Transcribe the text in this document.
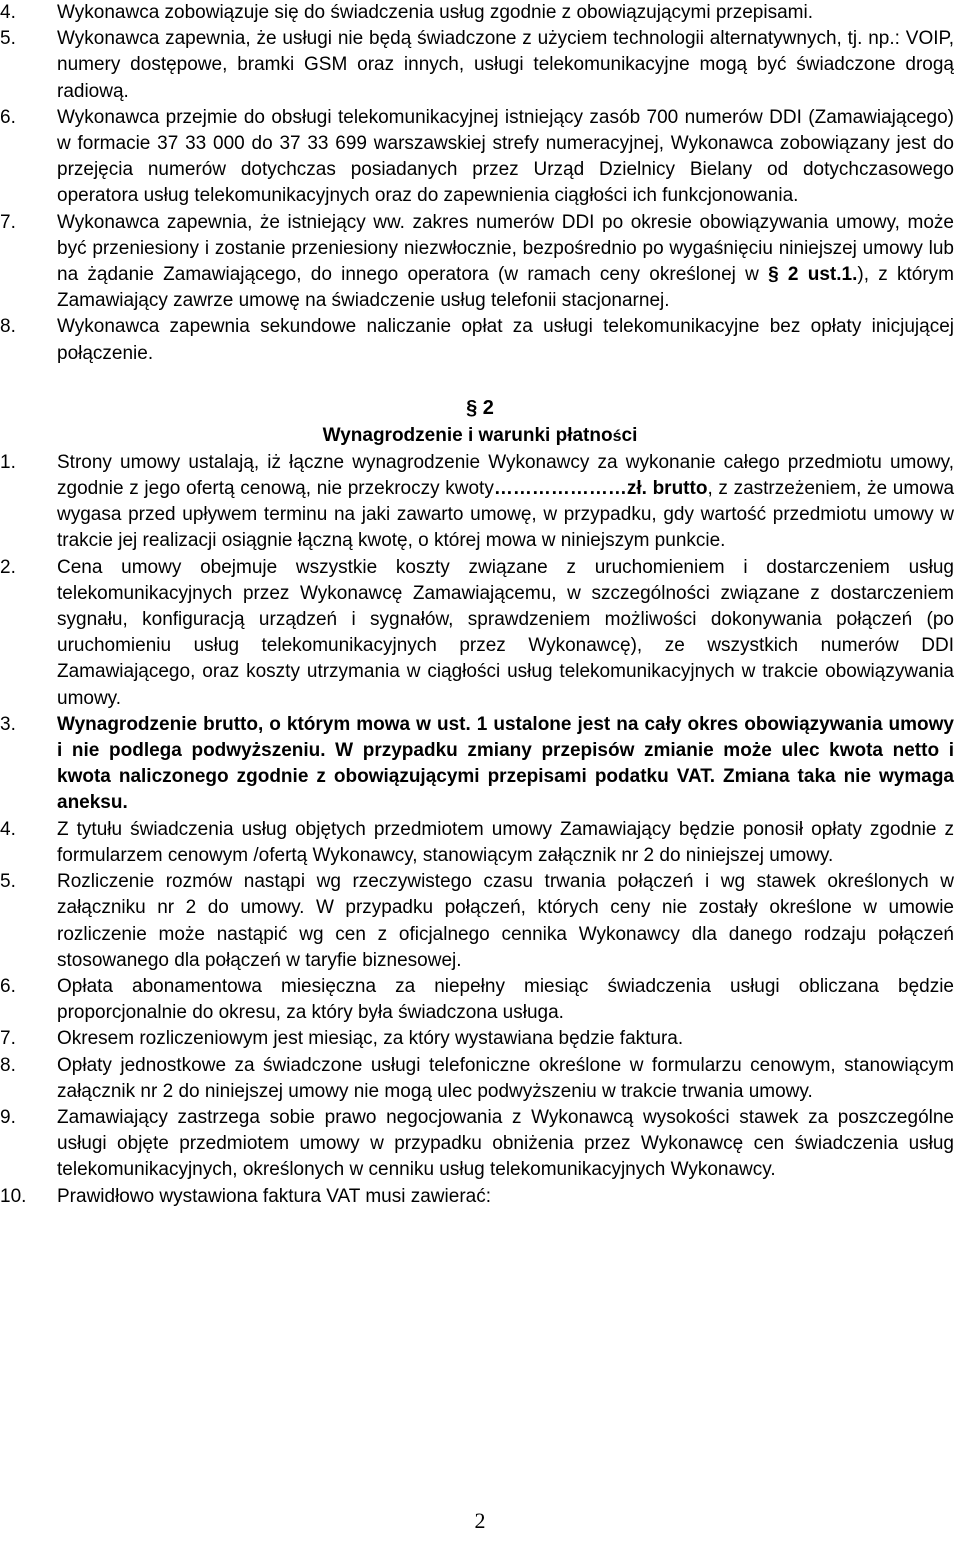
4.	Wykonawca zobowiązuje się do świadczenia usług zgodnie z obowiązującymi przepisami.
5.	Wykonawca zapewnia, że usługi nie będą świadczone z użyciem technologii alternatywnych, tj. np.: VOIP, numery dostępowe, bramki GSM oraz innych, usługi telekomunikacyjne mogą być świadczone drogą radiową.
6.	Wykonawca przejmie do obsługi telekomunikacyjnej istniejący zasób 700 numerów DDI (Zamawiającego) w formacie 37 33 000 do 37 33 699 warszawskiej strefy numeracyjnej, Wykonawca zobowiązany jest do przejęcia numerów dotychczas posiadanych przez Urząd Dzielnicy Bielany od dotychczasowego operatora usług telekomunikacyjnych oraz do zapewnienia ciągłości ich funkcjonowania.
7.	Wykonawca zapewnia, że istniejący ww. zakres numerów DDI po okresie obowiązywania umowy, może być przeniesiony i zostanie przeniesiony niezwłocznie, bezpośrednio po wygaśnięciu niniejszej umowy lub na żądanie Zamawiającego, do innego operatora (w ramach ceny określonej w § 2 ust.1.), z którym Zamawiający zawrze umowę na świadczenie usług telefonii stacjonarnej.
8.	Wykonawca zapewnia sekundowe naliczanie opłat za usługi telekomunikacyjne bez opłaty inicjującej połączenie.
§ 2
Wynagrodzenie i warunki płatności
1.	Strony umowy ustalają, iż łączne wynagrodzenie Wykonawcy za wykonanie całego przedmiotu umowy, zgodnie z jego ofertą cenową, nie przekroczy kwoty…………………zł. brutto, z zastrzeżeniem, że umowa wygasa przed upływem terminu na jaki zawarto umowę, w przypadku, gdy wartość przedmiotu umowy w trakcie jej realizacji osiągnie łączną kwotę, o której mowa w niniejszym punkcie.
2.	Cena umowy obejmuje wszystkie koszty związane z uruchomieniem i dostarczeniem usług telekomunikacyjnych przez Wykonawcę Zamawiającemu, w szczególności związane z dostarczeniem sygnału, konfiguracją urządzeń i sygnałów, sprawdzeniem możliwości dokonywania połączeń (po uruchomieniu usług telekomunikacyjnych przez Wykonawcę), ze wszystkich numerów DDI Zamawiającego, oraz koszty utrzymania w ciągłości usług telekomunikacyjnych w trakcie obowiązywania umowy.
3.	Wynagrodzenie brutto, o którym mowa w ust. 1 ustalone jest na cały okres obowiązywania umowy i nie podlega podwyższeniu. W przypadku zmiany przepisów zmianie może ulec kwota netto i kwota naliczonego zgodnie z obowiązującymi przepisami podatku VAT. Zmiana taka nie wymaga aneksu.
4.	Z tytułu świadczenia usług objętych przedmiotem umowy Zamawiający będzie ponosił opłaty zgodnie z formularzem cenowym /ofertą Wykonawcy, stanowiącym załącznik nr 2 do niniejszej umowy.
5.	Rozliczenie rozmów nastąpi wg rzeczywistego czasu trwania połączeń i wg stawek określonych w załączniku nr 2 do umowy. W przypadku połączeń, których ceny nie zostały określone w umowie rozliczenie może nastąpić wg cen z oficjalnego cennika Wykonawcy dla danego rodzaju połączeń stosowanego dla połączeń w taryfie biznesowej.
6.	Opłata abonamentowa miesięczna za niepełny miesiąc świadczenia usługi obliczana będzie proporcjonalnie do okresu, za który była świadczona usługa.
7.	Okresem rozliczeniowym jest miesiąc, za który wystawiana będzie faktura.
8.	Opłaty jednostkowe za świadczone usługi telefoniczne określone w formularzu cenowym, stanowiącym załącznik nr 2 do niniejszej umowy nie mogą ulec podwyższeniu w trakcie trwania umowy.
9.	Zamawiający zastrzega sobie prawo negocjowania z Wykonawcą wysokości stawek za poszczególne usługi objęte przedmiotem umowy w przypadku obniżenia przez Wykonawcę cen świadczenia usług telekomunikacyjnych, określonych w cenniku usług telekomunikacyjnych Wykonawcy.
10.	Prawidłowo wystawiona faktura VAT musi zawierać:
2
